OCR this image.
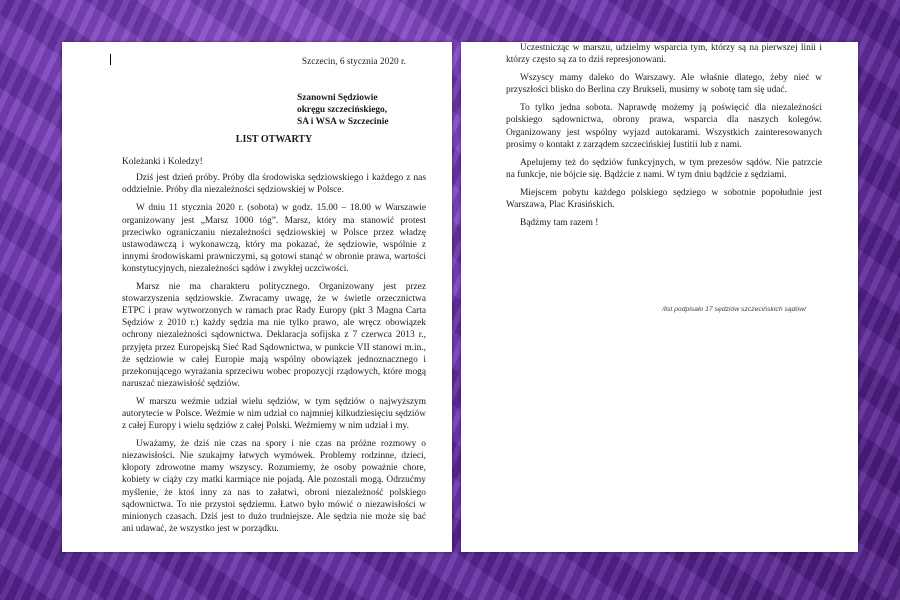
Szczecin, 6 stycznia 2020 r.
Szanowni Sędziowie
okręgu szczecińskiego,
SA i WSA w Szczecinie
LIST OTWARTY
Koleżanki i Koledzy!

Dziś jest dzień próby. Próby dla środowiska sędziowskiego i każdego z nas oddzielnie. Próby dla niezależności sędziowskiej w Polsce.

W dniu 11 stycznia 2020 r. (sobota) w godz. 15.00 – 18.00 w Warszawie organizowany jest „Marsz 1000 tóg”. Marsz, który ma stanowić protest przeciwko ograniczaniu niezależności sędziowskiej w Polsce przez władzę ustawodawczą i wykonawczą, który ma pokazać, że sędziowie, wspólnie z innymi środowiskami prawniczymi, są gotowi stanąć w obronie prawa, wartości konstytucyjnych, niezależności sądów i zwykłej uczciwości.

Marsz nie ma charakteru politycznego. Organizowany jest przez stowarzyszenia sędziowskie. Zwracamy uwagę, że w świetle orzecznictwa ETPC i praw wytworzonych w ramach prac Rady Europy (pkt 3 Magna Carta Sędziów z 2010 r.) każdy sędzia ma nie tylko prawo, ale wręcz obowiązek ochrony niezależności sądownictwa. Deklaracja sofijska z 7 czerwca 2013 r., przyjęta przez Europejską Sieć Rad Sądownictwa, w punkcie VII stanowi m.in., że sędziowie w całej Europie mają wspólny obowiązek jednoznacznego i przekonującego wyrażania sprzeciwu wobec propozycji rządowych, które mogą naruszać niezawisłość sędziów.

W marszu weźmie udział wielu sędziów, w tym sędziów o najwyższym autorytecie w Polsce. Weźmie w nim udział co najmniej kilkudziesięciu sędziów z całej Europy i wielu sędziów z całej Polski. Weźmiemy w nim udział i my.

Uważamy, że dziś nie czas na spory i nie czas na próżne rozmowy o niezawisłości. Nie szukajmy łatwych wymówek. Problemy rodzinne, dzieci, kłopoty zdrowotne mamy wszyscy. Rozumiemy, że osoby poważnie chore, kobiety w ciąży czy matki karmiące nie pojadą. Ale pozostali mogą. Odrzućmy myślenie, że ktoś inny za nas to załatwi, obroni niezależność polskiego sądownictwa. To nie przystoi sędziemu. Łatwo było mówić o niezawisłości w minionych czasach. Dziś jest to dużo trudniejsze. Ale sędzia nie może się bać ani udawać, że wszystko jest w porządku.

Uczestnicząc w marszu, udzielmy wsparcia tym, którzy są na pierwszej linii i którzy często są za to dziś represjonowani.

Wszyscy mamy daleko do Warszawy. Ale właśnie dlatego, żeby nieć w przyszłości blisko do Berlina czy Brukseli, musimy w sobotę tam się udać.

To tylko jedna sobota. Naprawdę możemy ją poświęcić dla niezależności polskiego sądownictwa, obrony prawa, wsparcia dla naszych kolegów. Organizowany jest wspólny wyjazd autokarami. Wszystkich zainteresowanych prosimy o kontakt z zarządem szczecińskiej Iustitii lub z nami.

Apelujemy też do sędziów funkcyjnych, w tym prezesów sądów. Nie patrzcie na funkcje, nie bójcie się. Bądźcie z nami. W tym dniu bądźcie z sędziami.

Miejscem pobytu każdego polskiego sędziego w sobotnie popołudnie jest Warszawa, Plac Krasińskich.

Bądźmy tam razem !

/list podpisało 17 sędziów szczecińskich sądów/
